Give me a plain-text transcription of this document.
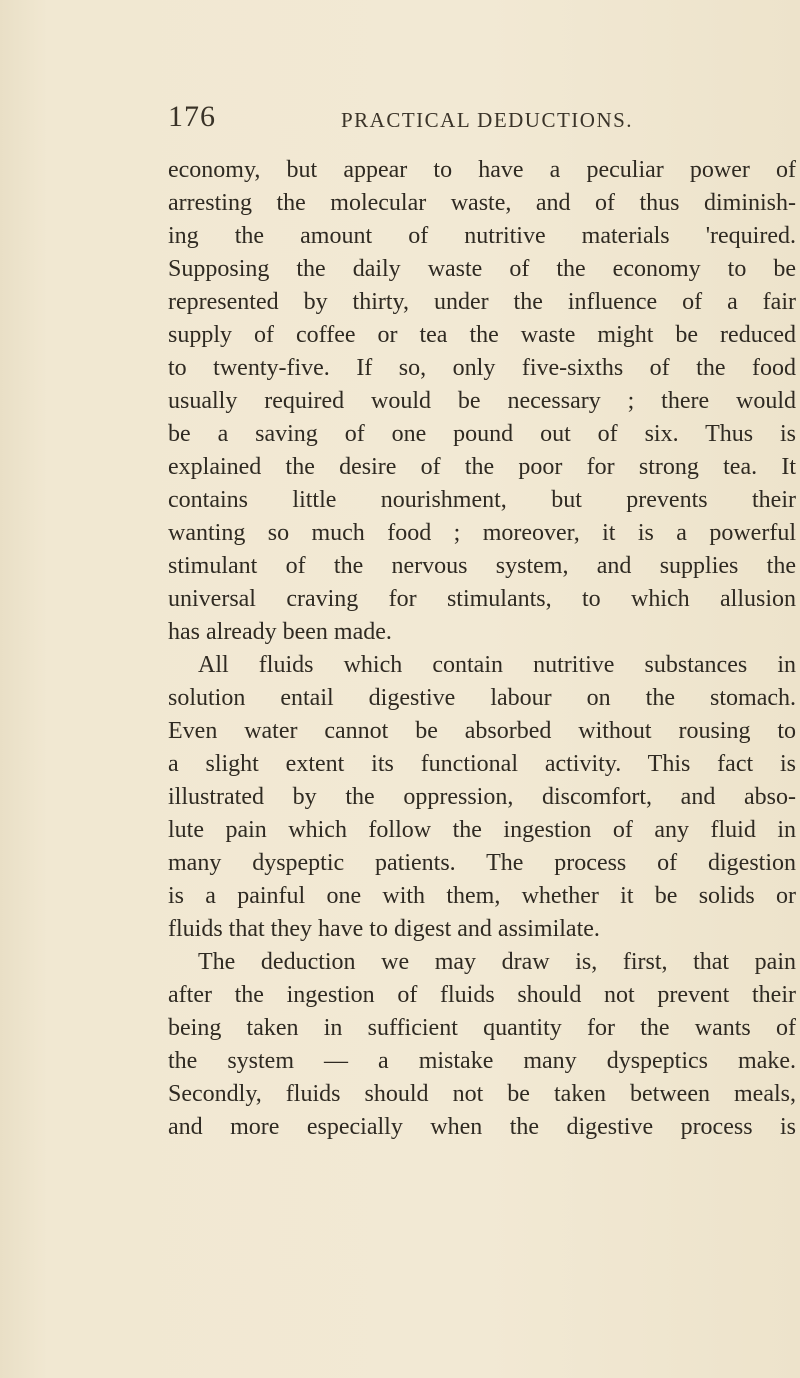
176	PRACTICAL DEDUCTIONS.
economy, but appear to have a peculiar power of
arresting the molecular waste, and of thus diminish-
ing the amount of nutritive materials 'required.
Supposing the daily waste of the economy to be
represented by thirty, under the influence of a fair
supply of coffee or tea the waste might be reduced
to twenty-five. If so, only five-sixths of the food
usually required would be necessary ; there would
be a saving of one pound out of six. Thus is
explained the desire of the poor for strong tea. It
contains little nourishment, but prevents their
wanting so much food ; moreover, it is a powerful
stimulant of the nervous system, and supplies the
universal craving for stimulants, to which allusion
has already been made.
All fluids which contain nutritive substances in
solution entail digestive labour on the stomach.
Even water cannot be absorbed without rousing to
a slight extent its functional activity. This fact is
illustrated by the oppression, discomfort, and abso-
lute pain which follow the ingestion of any fluid in
many dyspeptic patients. The process of digestion
is a painful one with them, whether it be solids or
fluids that they have to digest and assimilate.
The deduction we may draw is, first, that pain
after the ingestion of fluids should not prevent their
being taken in sufficient quantity for the wants of
the system — a mistake many dyspeptics make.
Secondly, fluids should not be taken between meals,
and more especially when the digestive process is
